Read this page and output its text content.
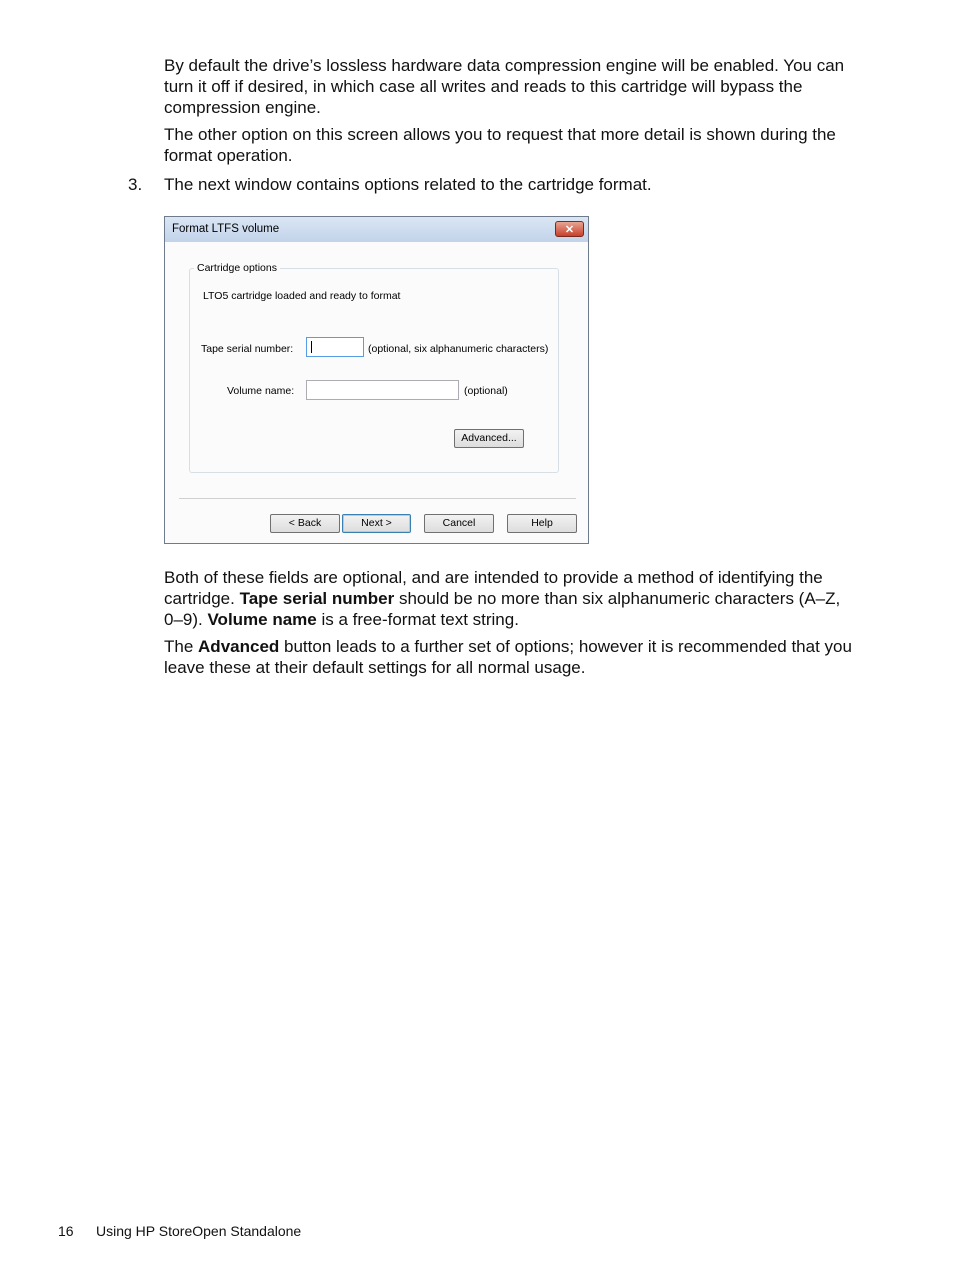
By default the drive’s lossless hardware data compression engine will be enabled. You can turn it off if desired, in which case all writes and reads to this cartridge will bypass the compression engine.

The other option on this screen allows you to request that more detail is shown during the format operation.

3. The next window contains options related to the cartridge format.

Format LTFS volume	✕
Cartridge options
LTO5 cartridge loaded and ready to format
Tape serial number:	(optional, six alphanumeric characters)
Volume name:	(optional)
Advanced...
< Back	Next >	Cancel	Help

Both of these fields are optional, and are intended to provide a method of identifying the cartridge. Tape serial number should be no more than six alphanumeric characters (A–Z, 0–9). Volume name is a free-format text string.

The Advanced button leads to a further set of options; however it is recommended that you leave these at their default settings for all normal usage.

16 Using HP StoreOpen Standalone
